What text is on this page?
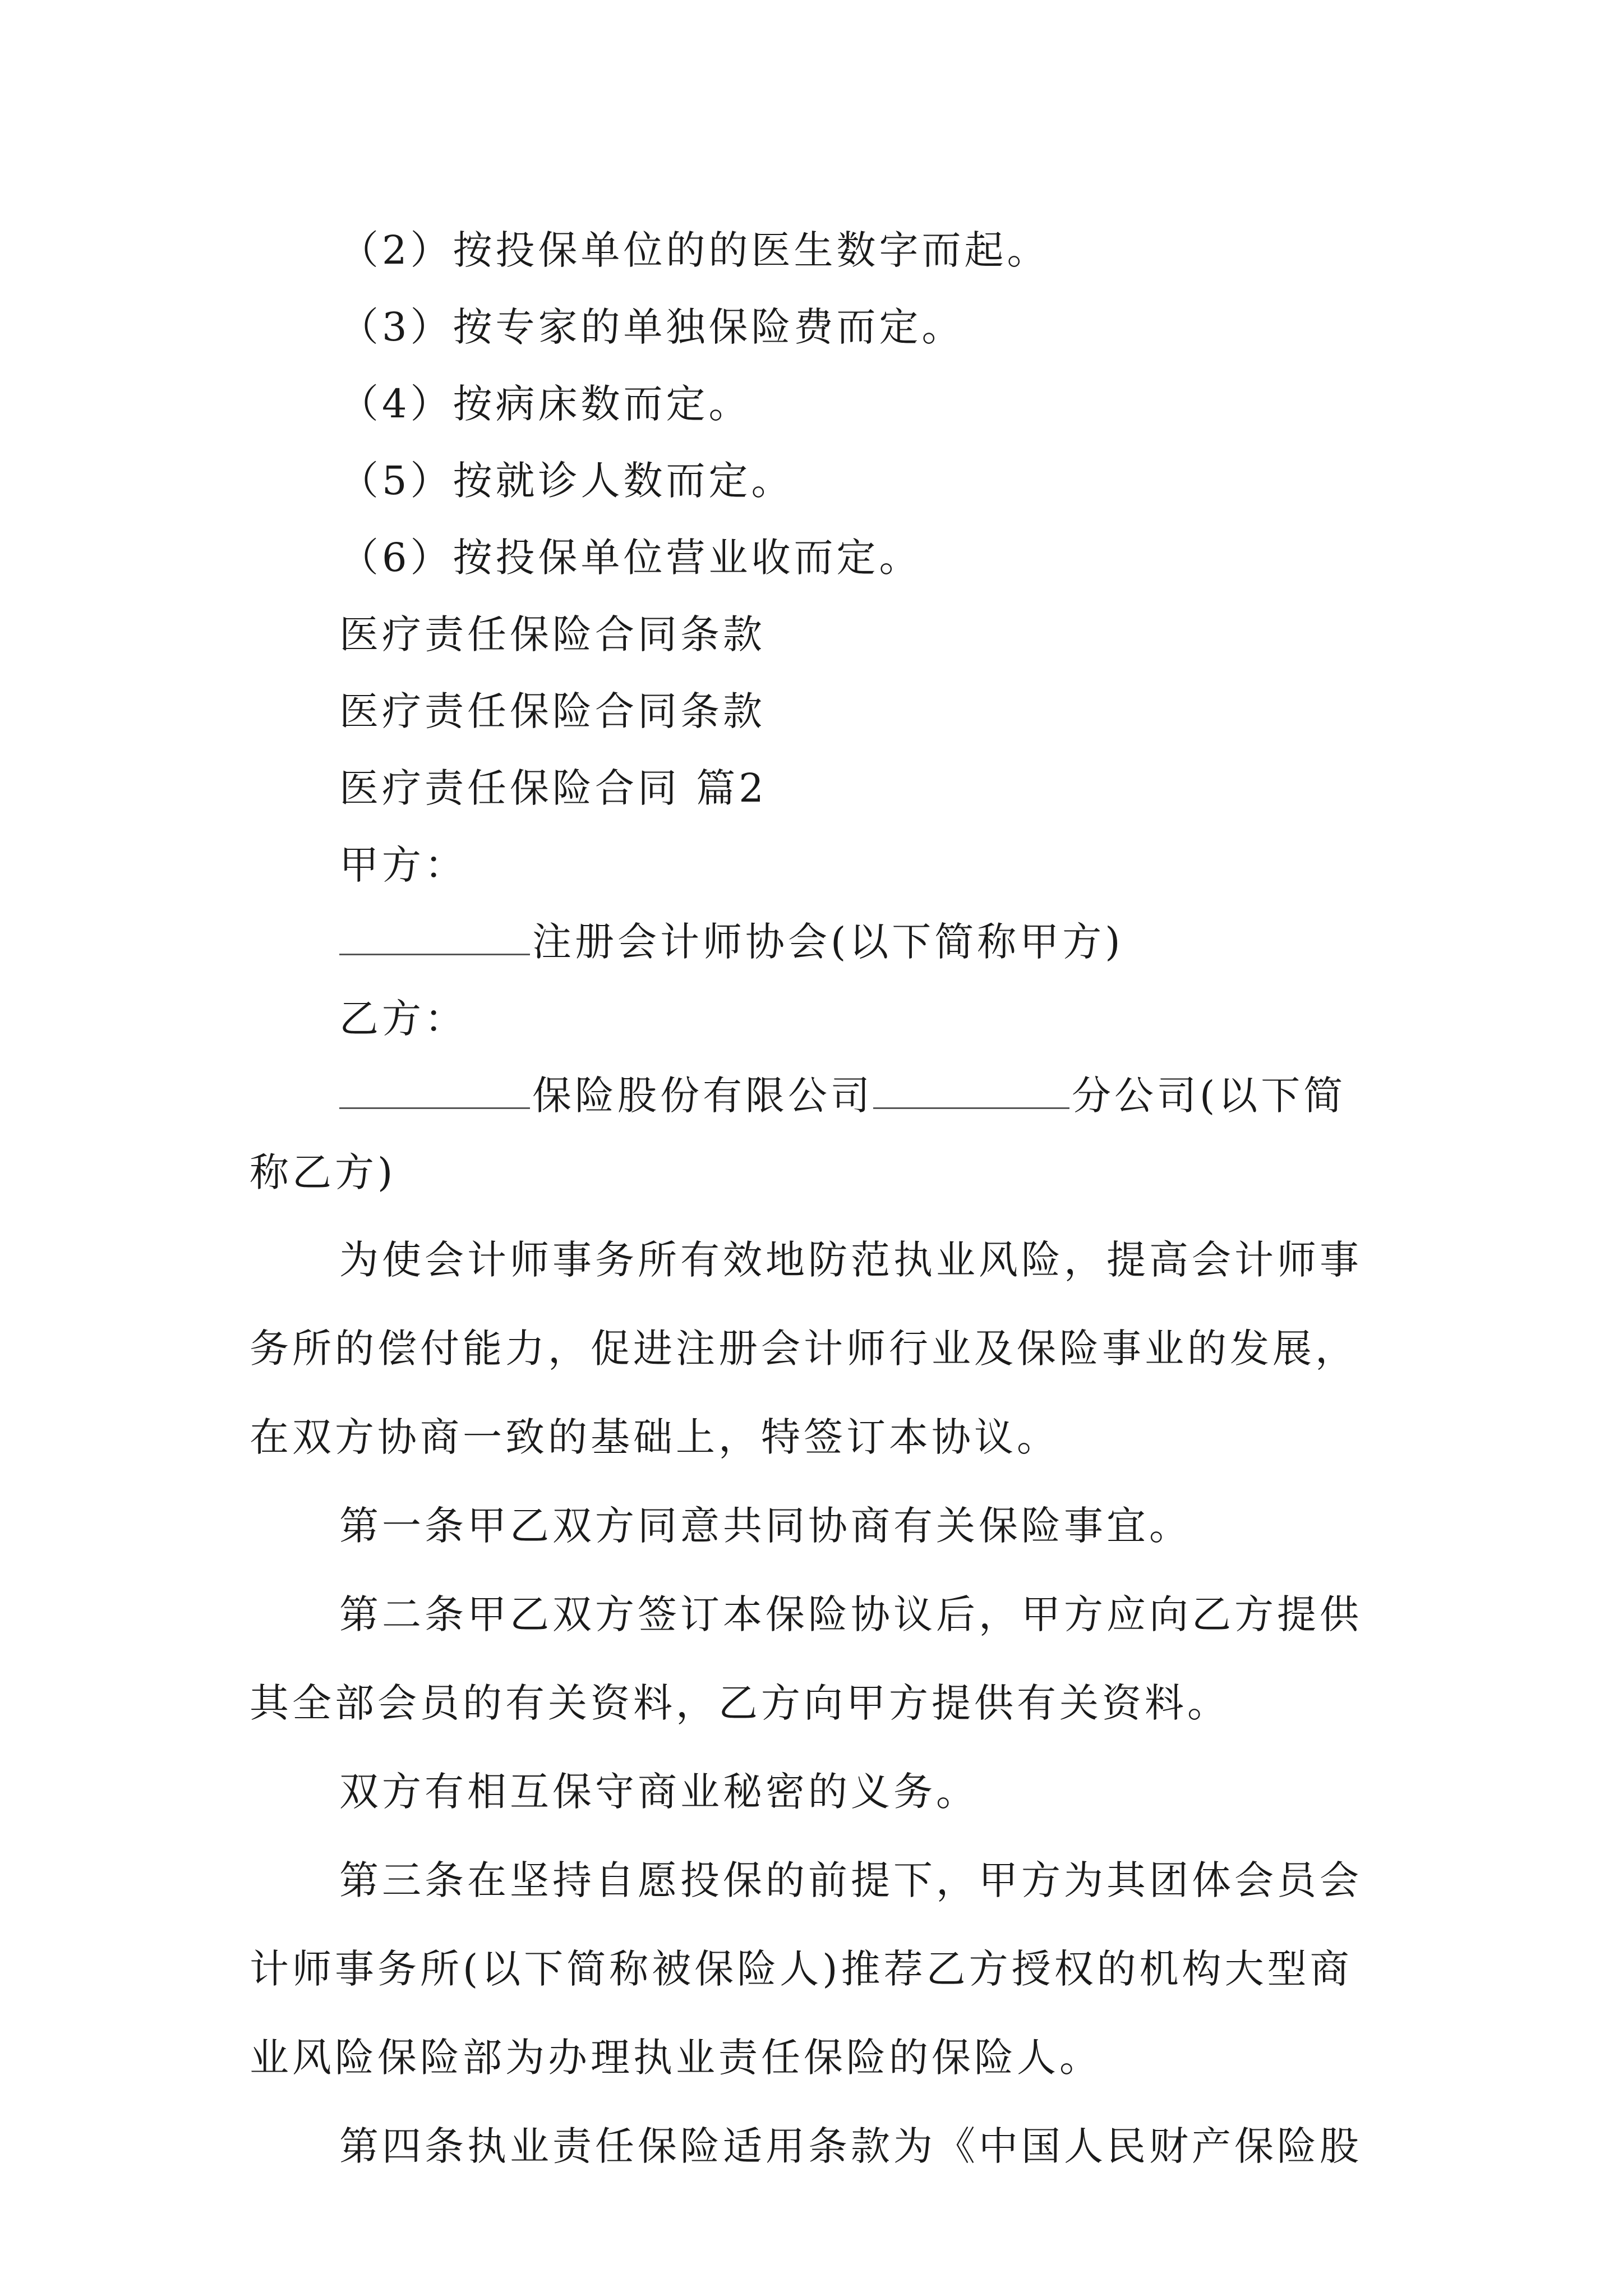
（2）按投保单位的的医生数字而起。
（3）按专家的单独保险费而定。
（4）按病床数而定。
（5）按就诊人数而定。
（6）按投保单位营业收而定。
医疗责任保险合同条款
医疗责任保险合同条款
医疗责任保险合同 篇2
甲方：
注册会计师协会(以下简称甲方)
乙方：
保险股份有限公司	分公司(以下简
称乙方)

为使会计师事务所有效地防范执业风险，提高会计师事务所的偿付能力，促进注册会计师行业及保险事业的发展，在双方协商一致的基础上，特签订本协议。

第一条甲乙双方同意共同协商有关保险事宜。

第二条甲乙双方签订本保险协议后，甲方应向乙方提供其全部会员的有关资料，乙方向甲方提供有关资料。

双方有相互保守商业秘密的义务。

第三条在坚持自愿投保的前提下，甲方为其团体会员会计师事务所(以下简称被保险人)推荐乙方授权的机构大型商业风险保险部为办理执业责任保险的保险人。

第四条执业责任保险适用条款为《中国人民财产保险股
